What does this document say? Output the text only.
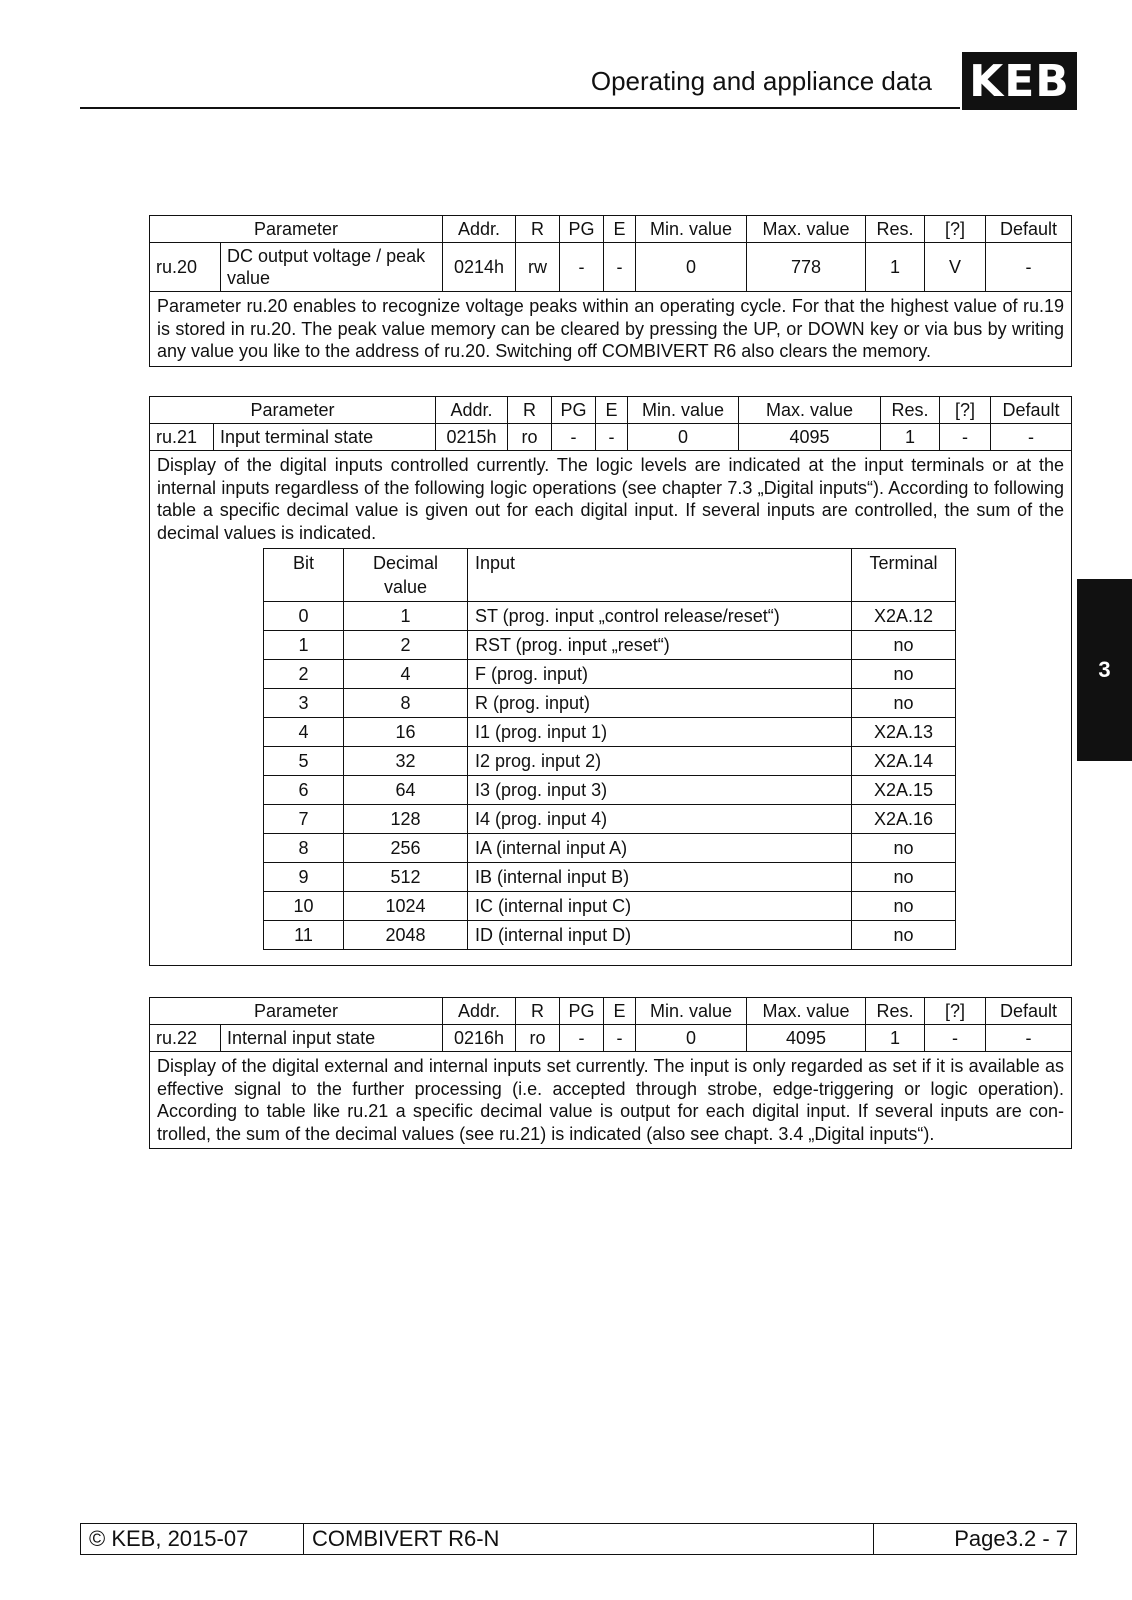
Operating and appliance data KEB
3
Parameter		Addr.	R	PG	E	Min. value	Max. value	Res.	[?]	Default
ru.20	DC output voltage / peak value	0214h	rw	-	-	0	778	1	V	-
Parameter ru.20 enables to recognize voltage peaks within an operating cycle. For that the highest value of ru.19 is stored in ru.20. The peak value memory can be cleared by pressing the UP, or DOWN key or via bus by writing any value you like to the address of ru.20. Switching off COMBIVERT R6 also clears the memory.										
Parameter	Addr.	R	PG	E	Min. value	Max. value	Res.	[?]	Default
ru.21	Input terminal state	0215h	ro	-	-	0	4095	1	-	-

Display of the digital inputs controlled currently. The logic levels are indicated at the input terminals or at the internal inputs regardless of the following logic operations (see chapter 7.3 „Digital inputs“). According to following table a specific decimal value is given out for each digital input. If several inputs are controlled, the sum of the decimal values is indicated.

Bit	Decimal value	Input	Terminal
0	1	ST (prog. input „control release/reset“)	X2A.12
1	2	RST (prog. input „reset“)	no
2	4	F (prog. input)	no
3	8	R (prog. input)	no
4	16	I1 (prog. input 1)	X2A.13
5	32	I2 prog. input 2)	X2A.14
6	64	I3 (prog. input 3)	X2A.15
7	128	I4 (prog. input 4)	X2A.16
8	256	IA (internal input A)	no
9	512	IB (internal input B)	no
10	1024	IC (internal input C)	no
11	2048	ID (internal input D)	no
Parameter		Addr.	R	PG	E	Min. value	Max. value	Res.	[?]	Default
ru.22	Internal input state	0216h	ro	-	-	0	4095	1	-	-
Display of the digital external and internal inputs set currently. The input is only regarded as set if it is available as effective signal to the further processing (i.e. accepted through strobe, edge-triggering or logic operation). According to table like ru.21 a specific decimal value is output for each digital input. If several inputs are con-trolled, the sum of the decimal values (see ru.21) is indicated (also see chapt. 3.4 „Digital inputs“).										
© KEB, 2015-07	COMBIVERT R6-N	Page3.2 - 7
